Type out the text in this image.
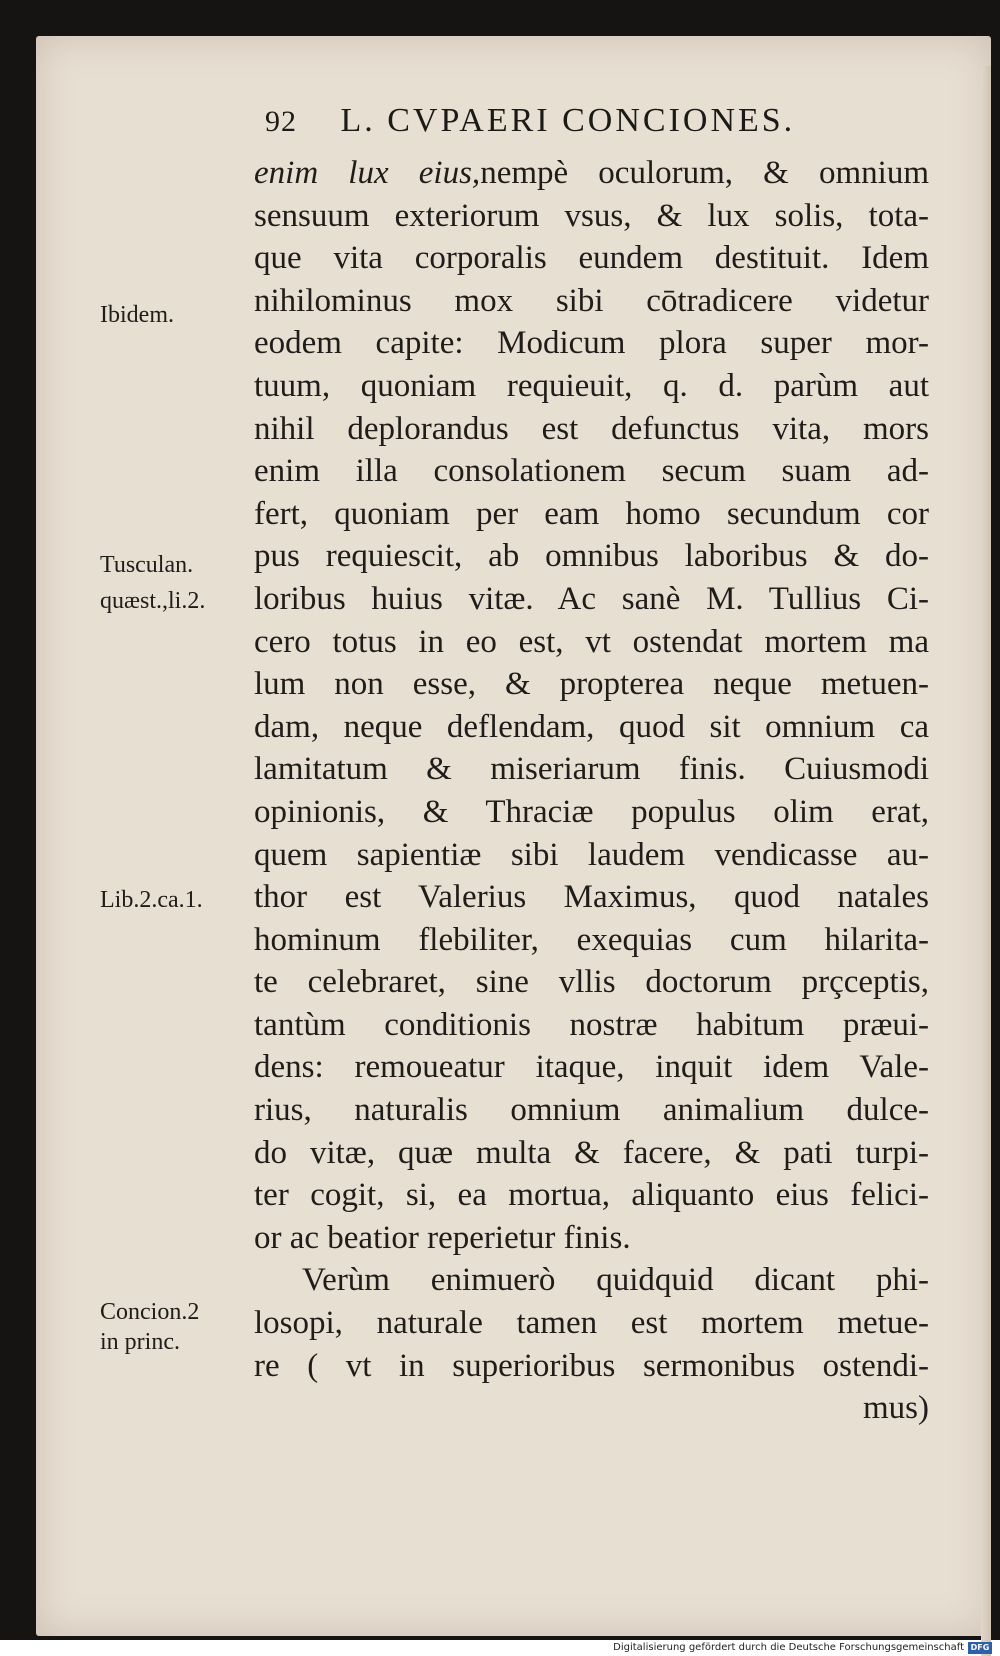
92 L. CVPAERI CONCIONES.
Ibidem.
Tusculan.
quæst.,li.2.
Lib.2.ca.1.
Concion.2
in princ.
enim lux eius,nempè oculorum, & omnium
sensuum exteriorum vsus, & lux solis, tota-
que vita corporalis eundem destituit. Idem
nihilominus mox sibi cōtradicere videtur
eodem capite: Modicum plora super mor-
tuum, quoniam requieuit, q. d. parùm aut
nihil deplorandus est defunctus vita, mors
enim illa consolationem secum suam ad-
fert, quoniam per eam homo secundum cor
pus requiescit, ab omnibus laboribus & do-
loribus huius vitæ. Ac sanè M. Tullius Ci-
cero totus in eo est, vt ostendat mortem ma
lum non esse, & propterea neque metuen-
dam, neque deflendam, quod sit omnium ca
lamitatum & miseriarum finis. Cuiusmodi
opinionis, & Thraciæ populus olim erat,
quem sapientiæ sibi laudem vendicasse au-
thor est Valerius Maximus, quod natales
hominum flebiliter, exequias cum hilarita-
te celebraret, sine vllis doctorum prçceptis,
tantùm conditionis nostræ habitum præui-
dens: remoueatur itaque, inquit idem Vale-
rius, naturalis omnium animalium dulce-
do vitæ, quæ multa & facere, & pati turpi-
ter cogit, si, ea mortua, aliquanto eius felici-
or ac beatior reperietur finis.
Verùm enimuerò quidquid dicant phi-
losopi, naturale tamen est mortem metue-
re ( vt in superioribus sermonibus ostendi-
mus)
Digitalisierung gefördert durch die Deutsche Forschungsgemeinschaft DFG
